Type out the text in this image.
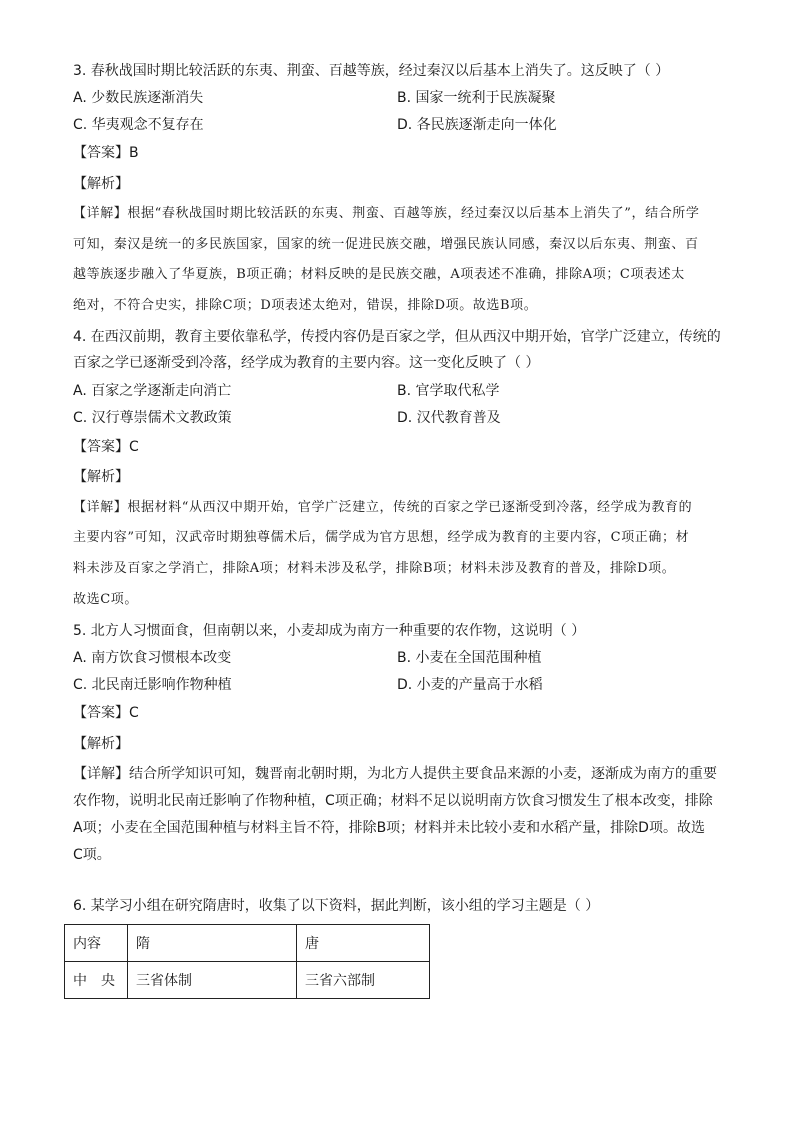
3. 春秋战国时期比较活跃的东夷、荆蛮、百越等族，经过秦汉以后基本上消失了。这反映了（ ）
A. 少数民族逐渐消失	B. 国家一统利于民族凝聚
C. 华夷观念不复存在	D. 各民族逐渐走向一体化
【答案】B
【解析】
【详解】根据“春秋战国时期比较活跃的东夷、荆蛮、百越等族，经过秦汉以后基本上消失了”，结合所学
可知，秦汉是统一的多民族国家，国家的统一促进民族交融，增强民族认同感，秦汉以后东夷、荆蛮、百
越等族逐步融入了华夏族，B项正确；材料反映的是民族交融，A项表述不准确，排除A项；C项表述太
绝对，不符合史实，排除C项；D项表述太绝对，错误，排除D项。故选B项。
4. 在西汉前期，教育主要依靠私学，传授内容仍是百家之学，但从西汉中期开始，官学广泛建立，传统的
百家之学已逐渐受到冷落，经学成为教育的主要内容。这一变化反映了（ ）
A. 百家之学逐渐走向消亡	B. 官学取代私学
C. 汉行尊崇儒术文教政策	D. 汉代教育普及
【答案】C
【解析】
【详解】根据材料“从西汉中期开始，官学广泛建立，传统的百家之学已逐渐受到冷落，经学成为教育的
主要内容”可知，汉武帝时期独尊儒术后，儒学成为官方思想，经学成为教育的主要内容，C项正确；材
料未涉及百家之学消亡，排除A项；材料未涉及私学，排除B项；材料未涉及教育的普及，排除D项。
故选C项。
5. 北方人习惯面食，但南朝以来，小麦却成为南方一种重要的农作物，这说明（ ）
A. 南方饮食习惯根本改变	B. 小麦在全国范围种植
C. 北民南迁影响作物种植	D. 小麦的产量高于水稻
【答案】C
【解析】
【详解】结合所学知识可知，魏晋南北朝时期，为北方人提供主要食品来源的小麦，逐渐成为南方的重要
农作物，说明北民南迁影响了作物种植，C项正确；材料不足以说明南方饮食习惯发生了根本改变，排除
A项；小麦在全国范围种植与材料主旨不符，排除B项；材料并未比较小麦和水稻产量，排除D项。故选
C项。
6. 某学习小组在研究隋唐时，收集了以下资料，据此判断，该小组的学习主题是（ ）
内容	隋	唐
中　央	三省体制	三省六部制
